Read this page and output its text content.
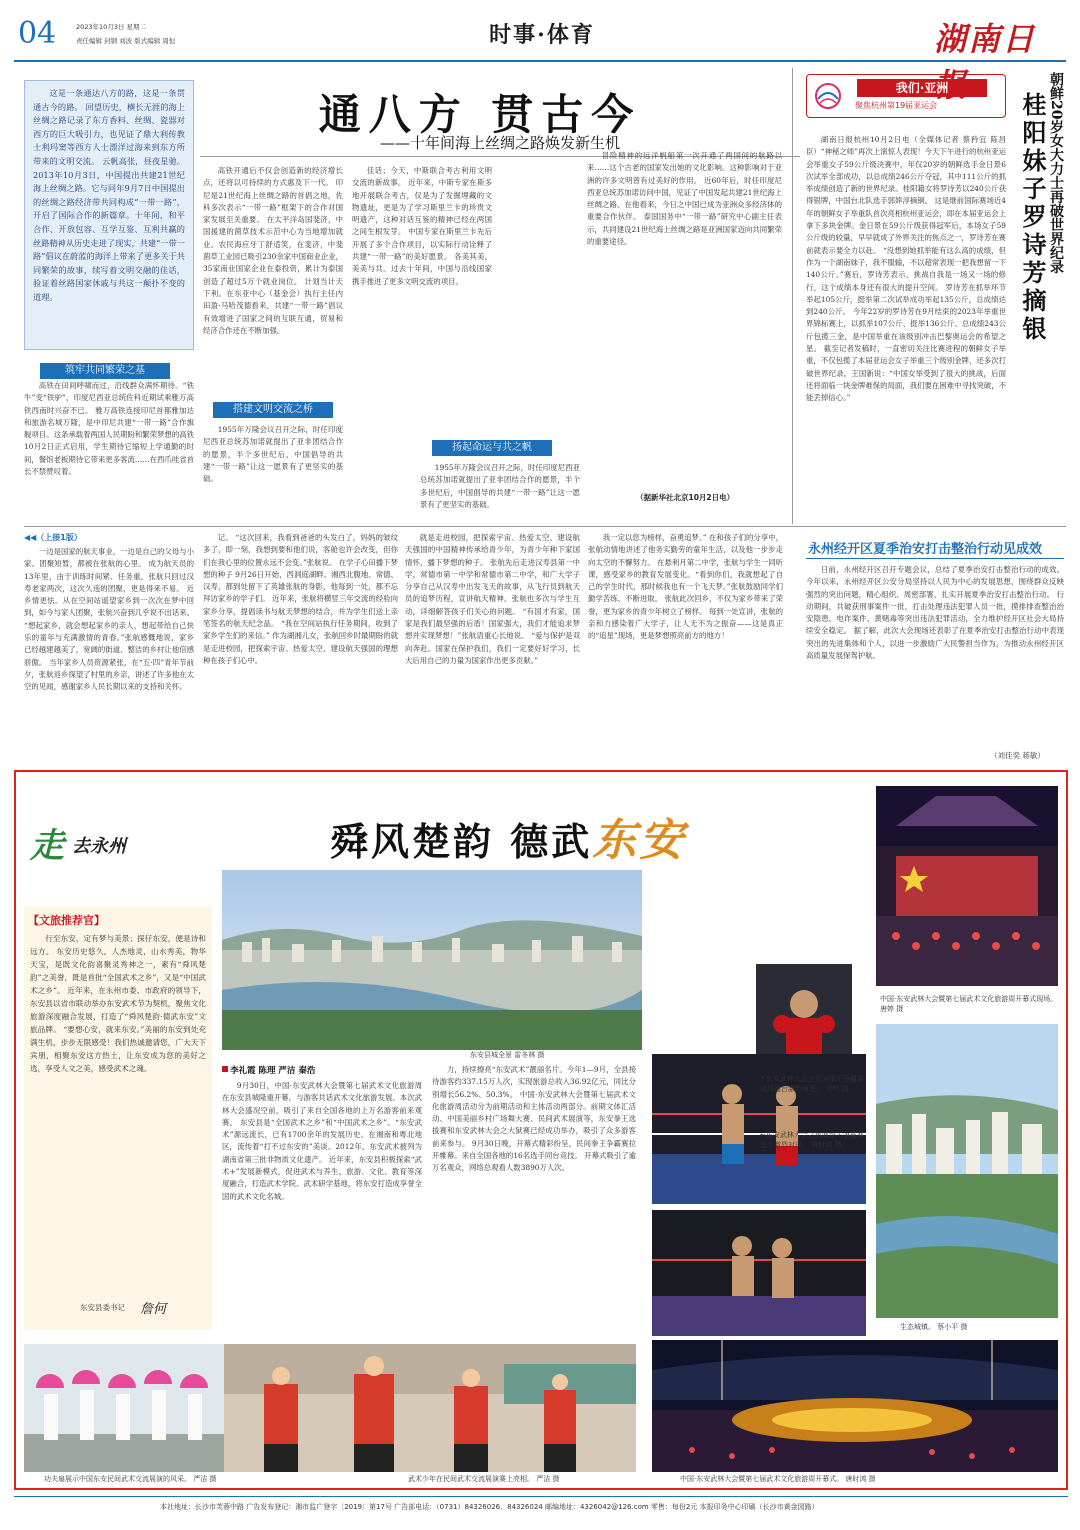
04	2023年10月3日 星期二
责任编辑 封钢 刘波 版式编辑 周恒	时事·体育	湖南日
这是一条通达八方的路，这是一条贯通古今的路。 回望历史，横长无涯的海上丝绸之路记录了东方香料、丝绸、瓷器对西方的巨大吸引力，也见证了鼎大利传教士利玛窦等西方人士漂洋过海来到东方所带来的文明交流。 云帆高张，昼夜星驰。2013年10月3日，中国提出共建21世纪海上丝绸之路。它与同年9月7日中国提出的丝绸之路经济带共同构成“一带一路”，开启了国际合作的新篇章。十年间，和平合作、开放包容、互学互鉴、互利共赢的丝路精神从历史走进了现实，共建“一带一路”倡议在蔚蓝的海洋上带来了更多关于共同繁荣的故事，续写着文明交融的佳话，验证着丝路国家休戚与共这一颠扑不变的道理。
通八方 贯古今
——十年间海上丝绸之路焕发新生机
高铁在田间呼啸而过，沿线群众满怀期待。“铁牛”变“铁驴”，印度尼西亚总统佐科近期试乘雅万高铁西南时兴奋不已。 雅万高铁连接印尼首都雅加达和旅游名城万隆，是中印尼共建“一带一路”合作旗舰项目。这条承载着两国人民期盼和繁荣梦想的高铁10月2日正式启用，学生期待它缩短上学通勤的时间，餐馆老板期待它带来更多客流……在西爪哇省首长不禁赞叹着。
筑牢共同繁荣之基
高铁开通后不仅会创造新的经济增长点，还将以可持续的方式惠及下一代。 印尼是21世纪海上丝绸之路的首倡之地，佐科多次表示“一带一路”框架下的合作对国家发展至关重要。 在太平洋岛国斐济，中国援建的菌草技术示范中心为当地增加就业。农民海应牙丁舒适笑，在斐济，中斐菌草工业园已吸引230余家中国商业企业，35家南业国家企业在泰投资，累计为泰国创造了超过5万个就业岗位。 计划当计天下利。在东亚中心（基金会）执行主任内田盈·马哈茂德看来，共建“一带一路”倡议有效增进了国家之间的互联互通，贸易和经济合作还在不断加强。
搭建文明交流之桥
1955年万隆会议召开之际，时任印度尼西亚总统苏加诺就提出了亚非团结合作的愿景，半个多世纪后，中国倡导的共建“一带一路”让这一愿景有了更坚实的基础。
佳话；今天，中斯联合考古利用文明交流的新故事。 近年来，中斯专家在斯多地开展联合考古，仅是为了发掘埋藏的文物遗址，更是为了学习斯里兰卡的珍贵文明遗产，这种对话互鉴的精神已经在两国之间生根发芽。 中国专家在斯里兰卡先后开展了多个合作项目，以实际行动诠释了共建“一带一路”的美好愿景。 各美其美，美美与共。过去十年间，中国与沿线国家携手推进了更多文明交流的项目。
扬起命运与共之帆
1955年万隆会议召开之际，时任印度尼西亚总统苏加诺就提出了亚非团结合作的愿景，半个多世纪后，中国倡导的共建“一带一路”让这一愿景有了更坚实的基础。
冒险精神的远洋帆船第一次开通了两国间的航路以来……这个古老的国家发出她的文化影响。这种影响对于亚洲的许多文明曾有过美好的作用。 近60年后，时任印度尼西亚总统苏加诺访问中国，见证了中国发起共建21世纪海上丝绸之路。在他看来，今日之中国已成为亚洲众多经济体的重要合作伙伴。 泰国国务中“一带一路”研究中心副主任表示，共同建设21世纪海上丝绸之路是亚洲国家迈向共同繁荣的重要途径。
（据新华社北京10月2日电）
我们·亚洲
聚焦杭州第19届亚运会	朝鲜20岁女大力士再破世界纪录
桂阳妹子罗诗芳摘银
湖南日报杭州10月2日电（全媒体记者 蔡矜宜 陈昌臣）“神秘之师”再次上演惊人表现！今天下午进行的杭州亚运会举重女子59公斤级决赛中，年仅20岁的朝鲜选手金日景6次试举全部成功，以总成绩246公斤夺冠，其中111公斤的抓举成绩创造了新的世界纪录。桂阳籍女将罗诗芳以240公斤获得银牌，中国台北队选手郭婞淳摘铜。 这是继前国际赛场近4年的朝鲜女子举重队首次亮相杭州亚运会，即在本届亚运会上拿下多块金牌。金日景在59公斤级获得冠军后，本场女子59公斤级的较量，早早就成了外界关注的焦点之一，罗诗芳在赛前就表示要全力以赴。 “没想到她抓举能有这么高的成绩，但作为一个湖南妹子，我不服输，不以超常表现一把我想留一下140公斤。”赛后，罗诗芳表示，挑战自我是一场又一场的修行，这个成绩本身还有很大的提升空间。 罗诗芳在抓举环节举起105公斤，挺举第二次试举成功举起135公斤，总成绩达到240公斤。 今年22岁的罗诗芳在9月结束的2023年举重世界锦标赛上，以抓举107公斤、挺举136公斤、总成绩243公斤包揽三金，是中国举重在该级别冲击巴黎奥运会的希望之星。 截至记者发稿时，一直密切关注比赛进程的朝鲜女子举重，不仅包揽了本届亚运会女子举重三个级别金牌，还多次打破世界纪录。王国新说：“中国女举受到了很大的挑战，后面还将面临一块金牌难保的局面，我们要在困难中寻找突破，不能丢掉信心。”
◀◀（上接1版）
一边是国家的航天事业，一边是自己的父母与小家。团聚短暂，都被在张航的心里。 成为航天员的13年里，由于训练时间紧、任务重，张航只回过汉寿老家两次，这次久违的团聚，更是得来不易。 近乡情更怯。从在空间站遥望家乡到一次次在梦中回到，如今与家人团聚，张航兴奋到几乎说不出话来。 “想起家乡，就会想起家乡的亲人，想起带给自己快乐的童年与充满激情的青春。”张航感慨地说，家乡已经越建越美了，宽阔的街道、整洁的乡村让他倍感骄傲。 当年家乡人员资源紧张，在“五·四”青年节前夕，张航返乡探望了村里的乡亲，讲述了许多他在太空的见闻，感谢家乡人民长期以来的支持和关怀。
记。 “这次回来，我看到爸爸的头发白了，妈妈的皱纹多了，即一刻，我想到要和他们说，客舱也许会改变，但你们在我心里的位置永远不会变。”张航说。 在学子心田播下梦想的种子 9月26日开始，西洞庭湖畔、湘西北腹地、常德、汉寿，都到处留下了英雄张航的身影，他每到一处，都不忘拜访家乡的学子们。 近年来，张航将横竖三年交流的经验向家乡分享，提倡读书与航天梦想的结合，并为学生们送上亲笔签名的航天纪念品。 “我在空间站执行任务期间，收到了家乡学生们的来信。” 作为湖湘儿女，张航回乡时最期盼的就是走进校园，把探索宇宙、热爱太空、建设航天强国的理想种在孩子们心中。
就是走进校园，把探索宇宙、热爱太空、建设航天强国的中国精神传承给青少年，为青少年种下家国情怀，播下梦想的种子。 张航先后走进汉寿县第一中学、常德市第一中学和常德市第二中学，和广大学子分享自己从汉寿中出发飞天的故事，从飞行员到航天员的追梦历程，宣讲航天精神。张航也多次与学生互动，详细解答孩子们关心的问题。 “有国才有家，国家是我们最坚强的后盾！国家强大，我们才能追求梦想并实现梦想！”张航语重心长地说。 “爱与保护是双向奔赴。国家在保护我们，我们一定要好好学习，长大后用自己的力量为国家作出更多贡献。”
我一定以您为榜样，奋勇追梦。” 在和孩子们的分享中，张航动情地讲述了他务实勤劳的童年生活，以及他一步步走向太空的不懈努力。 在悬利月第二中学，张航与学生一同听课，感受家乡的教育发展变化。“看到你们，我就想起了自己的学生时代，那时候我也有一个飞天梦。”张航鼓励同学们勤学苦练、不断进取。 张航此次回乡，不仅为家乡带来了荣誉，更为家乡的青少年树立了榜样。 每到一处宣讲，张航的亲和力感染着广大学子，让人无不为之振奋——这是真正的“追星”现场，更是梦想照亮前方的地方！
永州经开区夏季治安打击整治行动见成效
日前，永州经开区召开专题会议，总结了夏季治安打击整治行动的成效。今年以来，永州经开区公安分局坚持以人民为中心的发展思想，围绕群众反映强烈的突出问题，精心组织、周密部署，扎实开展夏季治安打击整治行动。 行动期间，共破获刑事案件一批，打击处理违法犯罪人员一批，摸排排查整治治安隐患、电诈案件、黄赌毒等突出违法犯罪活动，全力维护经开区社会大局持续安全稳定。 据了解，此次大会现场还表彰了在夏季治安打击整治行动中表现突出的先进集体和个人，以进一步激励广大民警担当作为，为推动永州经开区高质量发展保驾护航。
（刘佳奕 蒋敏）
走 去永州	舜风楚韵 德武东安
【文旅推荐官】
行至东安，定有梦与美景；探仔东安，便是诗和远方。 东安历史悠久，人杰地灵，山水秀美，物华天宝，是既文化韵喜聚灵秀神之一，素有“舜风楚韵”之美誉，既是首批“全国武术之乡”，又是“中国武术之乡”。 近年来，在永州市委、市政府的领导下，东安县以省市联动举办东安武术节为契机，聚焦文化旅游深度融合发展，打造了“舜风楚韵·德武东安”文旅品牌。 “要想心安，就来东安。”美丽的东安到处充满生机，步步无限感受！我们热诚邀请您，广大天下宾朋，相聚东安这方热土，让东安成为您的美好之选，享受人文之美，感受武术之魂。
东安县委书记 詹何
东安县城全景 雷冬林 摄
中国·东安武林大会暨第七届武术文化旅游周开幕式现场。 唐婷 摄
↑东安武林大会之民间拳王争霸赛现场擂台激烈角逐。 贺明 摄
←东安武林大会之民间拳王争霸赛选手激烈对决。 唐时鸿 摄
生态城镇。 蔡小平 摄
李礼霞 陈理 严洁 秦浩
9月30日，中国·东安武林大会暨第七届武术文化旅游周在东安县城隆重开幕，与游客共话武术文化旅游发展。本次武林大会盛况空前，吸引了来自全国各地的上万名游客前来观赛。 东安县是“全国武术之乡”和“中国武术之乡”。“东安武术”源远流长，已有1700余年的发展历史。在湘南和粤北地区，流传着“打不过东安的”美谈。2012年，东安武术被列为湖南省第三批非物质文化遗产。 近年来，东安县积极探索“武术+”发展新模式，促进武术与养生、旅游、文化、教育等深度融合，打造武术学院、武术研学基地，将东安打造成享誉全国的武术文化名城。
力，持续擦亮“东安武术”靓丽名片。今年1—9月，全县接待游客约337.15万人次，实现旅游总收入36.92亿元，同比分别增长56.2%、50.3%。 中国·东安武林大会暨第七届武术文化旅游周活动分为前期活动和主体活动两部分。前期文体汇活动、中国美丽乡村广场舞大赛、民间武术展演等，东安拳王选拔赛和东安武林大会之大狱赛已经成功举办，吸引了众多游客前来参与。 9月30日晚，开幕式精彩纷呈，民间拳王争霸赛拉开帷幕。来自全国各地的16名选手同台竞技。 开幕式吸引了逾万名观众，网络总观看人数3890万人次。
功夫扇展示中国东安民间武术交流展演的风采。 严洁 摄	武术少年在民间武术交流展演赛上亮相。 严洁 摄	中国·东安武林大会暨第七届武术文化旅游周开幕式。 唐时鸿 摄
本社地址：长沙市芙蓉中路 广告发布登记：湘市监广登字〔2019〕第17号 广告部电话：（0731）84326026、84326024 邮编地址：4326042@126.com 零售：每份2元 本报印务中心印刷（长沙市黄金园路）
